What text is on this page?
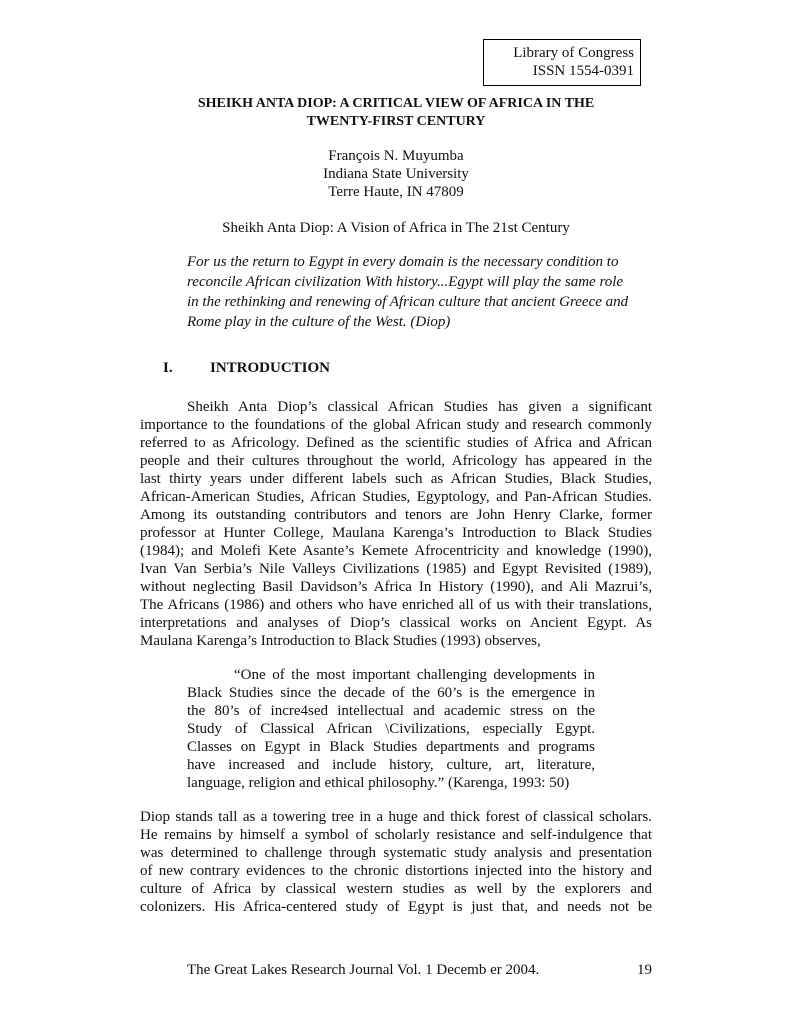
Library of Congress
ISSN 1554-0391
SHEIKH ANTA DIOP: A CRITICAL VIEW OF AFRICA IN THE
TWENTY-FIRST CENTURY
François N. Muyumba
Indiana State University
Terre Haute, IN 47809
Sheikh Anta Diop: A Vision of Africa in The 21st Century
For us the return to Egypt in every domain is the necessary condition to
reconcile African civilization With history...Egypt will play the same role
in the rethinking and renewing of African culture that ancient Greece and
Rome play in the culture of the West. (Diop)
I. INTRODUCTION
Sheikh Anta Diop’s classical African Studies has given a significant
importance to the foundations of the global African study and research commonly
referred to as Africology. Defined as the scientific studies of Africa and African
people and their cultures throughout the world, Africology has appeared in the
last thirty years under different labels such as African Studies, Black Studies,
African-American Studies, African Studies, Egyptology, and Pan-African Studies.
Among its outstanding contributors and tenors are John Henry Clarke, former
professor at Hunter College, Maulana Karenga’s Introduction to Black Studies
(1984); and Molefi Kete Asante’s Kemete Afrocentricity and knowledge (1990),
Ivan Van Serbia’s Nile Valleys Civilizations (1985) and Egypt Revisited (1989),
without neglecting Basil Davidson’s Africa In History (1990), and Ali Mazrui’s,
The Africans (1986) and others who have enriched all of us with their translations,
interpretations and analyses of Diop’s classical works on Ancient Egypt. As
Maulana Karenga’s Introduction to Black Studies (1993) observes,
“One of the most important challenging developments in
Black Studies since the decade of the 60’s is the emergence in
the 80’s of incre4sed intellectual and academic stress on the
Study of Classical African \Civilizations, especially Egypt.
Classes on Egypt in Black Studies departments and programs
have increased and include history, culture, art, literature,
language, religion and ethical philosophy.” (Karenga, 1993: 50)
Diop stands tall as a towering tree in a huge and thick forest of classical scholars.
He remains by himself a symbol of scholarly resistance and self-indulgence that
was determined to challenge through systematic study analysis and presentation
of new contrary evidences to the chronic distortions injected into the history and
culture of Africa by classical western studies as well by the explorers and
colonizers. His Africa-centered study of Egypt is just that, and needs not be
The Great Lakes Research Journal Vol. 1 Decemb er 2004.	19
